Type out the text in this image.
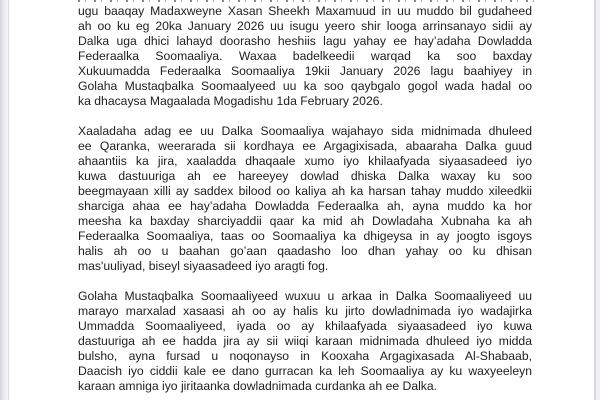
ugu baaqay Madaxweyne Xasan Sheekh Maxamuud in uu muddo bil gudaheed
ah oo ku eg 20ka January 2026 uu isugu yeero shir looga arrinsanayo sidii ay
Dalka uga dhici lahayd doorasho heshiis lagu yahay ee hay’adaha Dowladda
Federaalka Soomaaliya. Waxaa badelkeedii warqad ka soo baxday
Xukuumadda Federaalka Soomaaliya 19kii January 2026 lagu baahiyey in
Golaha Mustaqbalka Soomaalyeed uu ka soo qaybgalo gogol wada hadal oo
ka dhacaysa Magaalada Mogadishu 1da February 2026.
Xaaladaha adag ee uu Dalka Soomaaliya wajahayo sida midnimada dhuleed
ee Qaranka, weerarada sii kordhaya ee Argagixisada, abaaraha Dalka guud
ahaantiis ka jira, xaaladda dhaqaale xumo iyo khilaafyada siyaasadeed iyo
kuwa dastuuriga ah ee hareeyey dowlad dhiska Dalka waxay ku soo
beegmayaan xilli ay saddex bilood oo kaliya ah ka harsan tahay muddo xileedkii
sharciga ahaa ee hay’adaha Dowladda Federaalka ah, ayna muddo ka hor
meesha ka baxday sharciyaddii qaar ka mid ah Dowladaha Xubnaha ka ah
Federaalka Soomaaliya, taas oo Soomaaliya ka dhigeysa in ay joogto isgoys
halis ah oo u baahan go’aan qaadasho loo dhan yahay oo ku dhisan
mas'uuliyad, biseyl siyaasadeed iyo aragti fog.
Golaha Mustaqbalka Soomaaliyeed wuxuu u arkaa in Dalka Soomaaliyeed uu
marayo marxalad xasaasi ah oo ay halis ku jirto dowladnimada iyo wadajirka
Ummadda Soomaaliyeed, iyada oo ay khilaafyada siyaasadeed iyo kuwa
dastuuriga ah ee hadda jira ay sii wiiqi karaan midnimada dhuleed iyo midda
bulsho, ayna fursad u noqonayso in Kooxaha Argagixasada Al-Shabaab,
Daacish iyo ciddii kale ee dano gurracan ka leh Soomaaliya ay ku waxyeeleyn
karaan amniga iyo jiritaanka dowladnimada curdanka ah ee Dalka.
